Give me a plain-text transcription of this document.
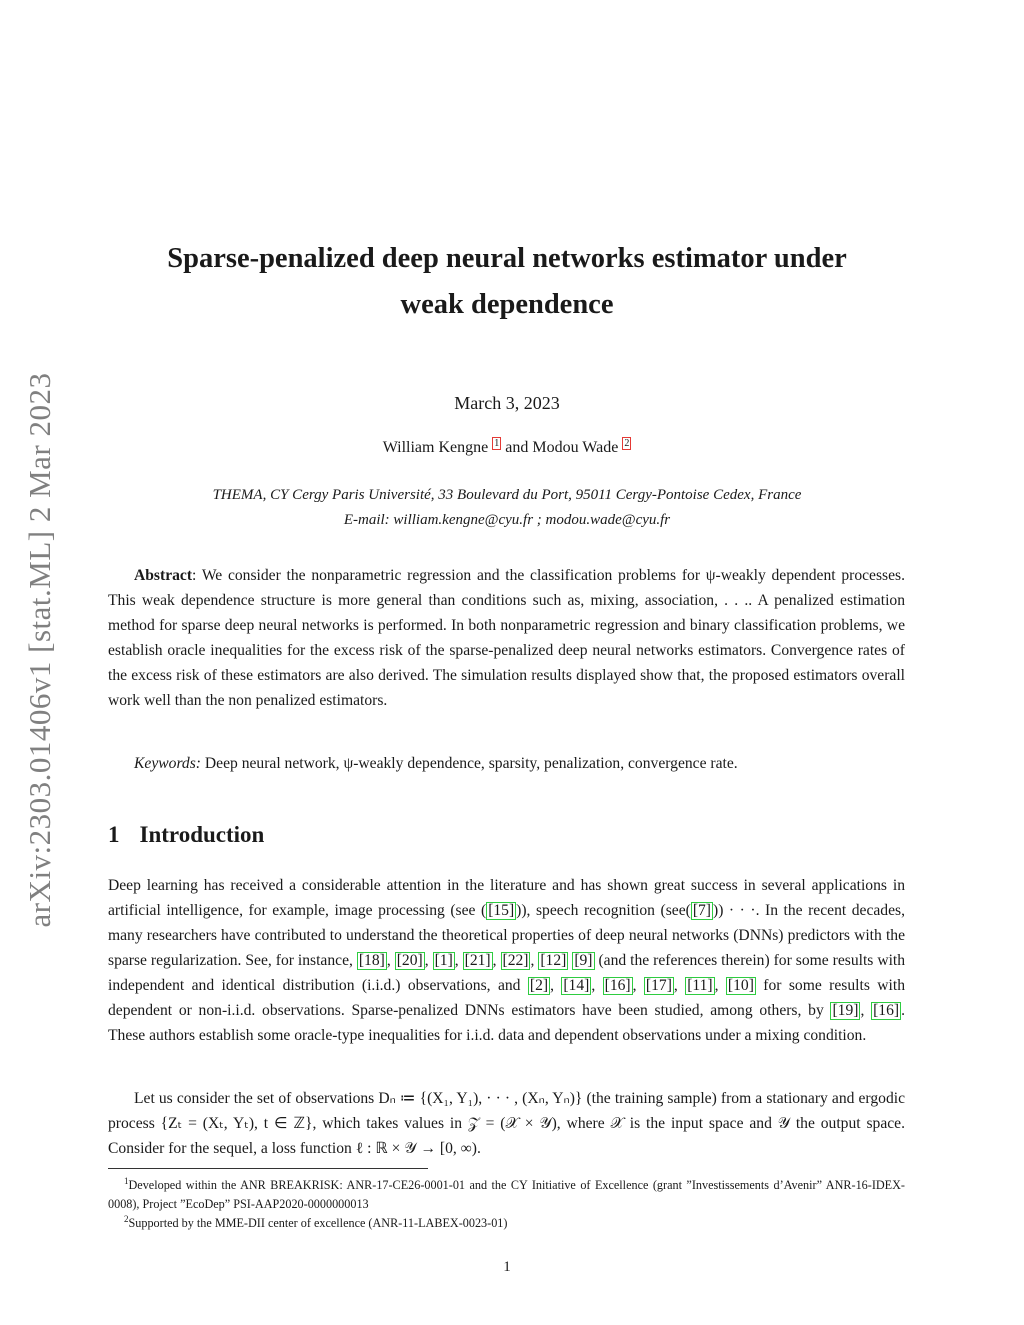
arXiv:2303.01406v1 [stat.ML] 2 Mar 2023
Sparse-penalized deep neural networks estimator under
weak dependence
March 3, 2023
William Kengne 1 and Modou Wade 2
THEMA, CY Cergy Paris Université, 33 Boulevard du Port, 95011 Cergy-Pontoise Cedex, France
E-mail: william.kengne@cyu.fr ; modou.wade@cyu.fr
Abstract: We consider the nonparametric regression and the classification problems for ψ-weakly dependent processes. This weak dependence structure is more general than conditions such as, mixing, association, . . .. A penalized estimation method for sparse deep neural networks is performed. In both nonparametric regression and binary classification problems, we establish oracle inequalities for the excess risk of the sparse-penalized deep neural networks estimators. Convergence rates of the excess risk of these estimators are also derived. The simulation results displayed show that, the proposed estimators overall work well than the non penalized estimators.
Keywords: Deep neural network, ψ-weakly dependence, sparsity, penalization, convergence rate.
1 Introduction
Deep learning has received a considerable attention in the literature and has shown great success in several applications in artificial intelligence, for example, image processing (see ( [15] )), speech recognition (see( [7] )) · · ·. In the recent decades, many researchers have contributed to understand the theoretical properties of deep neural networks (DNNs) predictors with the sparse regularization. See, for instance, [18] , [20] , [1] , [21] , [22] , [12] [9] (and the references therein) for some results with independent and identical distribution (i.i.d.) observations, and [2] , [14] , [16] , [17] , [11] , [10] for some results with dependent or non-i.i.d. observations. Sparse-penalized DNNs estimators have been studied, among others, by [19] , [16] . These authors establish some oracle-type inequalities for i.i.d. data and dependent observations under a mixing condition.
Let us consider the set of observations Dₙ ≔ {(X₁, Y₁), · · · , (Xₙ, Yₙ)} (the training sample) from a stationary and ergodic process {Zₜ = (Xₜ, Yₜ), t ∈ ℤ}, which takes values in 𝒵 = (𝒳 × 𝒴), where 𝒳 is the input space and 𝒴 the output space. Consider for the sequel, a loss function ℓ : ℝ × 𝒴 → [0, ∞).
$^1$Developed within the ANR BREAKRISK: ANR-17-CE26-0001-01 and the CY Initiative of Excellence (grant ”Investissements d’Avenir” ANR-16-IDEX-0008), Project ”EcoDep” PSI-AAP2020-0000000013
$^2$Supported by the MME-DII center of excellence (ANR-11-LABEX-0023-01)
1
